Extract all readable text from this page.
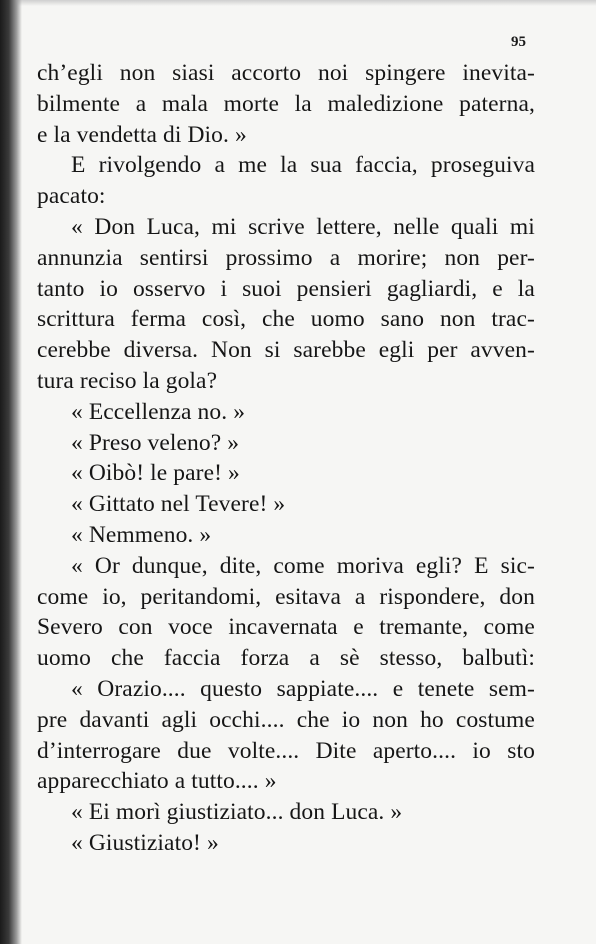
95
ch’egli non siasi accorto noi spingere inevita-
bilmente a mala morte la maledizione paterna,
e la vendetta di Dio. »
E rivolgendo a me la sua faccia, proseguiva
pacato:
« Don Luca, mi scrive lettere, nelle quali mi
annunzia sentirsi prossimo a morire; non per-
tanto io osservo i suoi pensieri gagliardi, e la
scrittura ferma così, che uomo sano non trac-
cerebbe diversa. Non si sarebbe egli per avven-
tura reciso la gola?
« Eccellenza no. »
« Preso veleno? »
« Oibò! le pare! »
« Gittato nel Tevere! »
« Nemmeno. »
« Or dunque, dite, come moriva egli? E sic-
come io, peritandomi, esitava a rispondere, don
Severo con voce incavernata e tremante, come
uomo che faccia forza a sè stesso, balbutì:
« Orazio.... questo sappiate.... e tenete sem-
pre davanti agli occhi.... che io non ho costume
d’interrogare due volte.... Dite aperto.... io sto
apparecchiato a tutto.... »
« Ei morì giustiziato... don Luca. »
« Giustiziato! »
